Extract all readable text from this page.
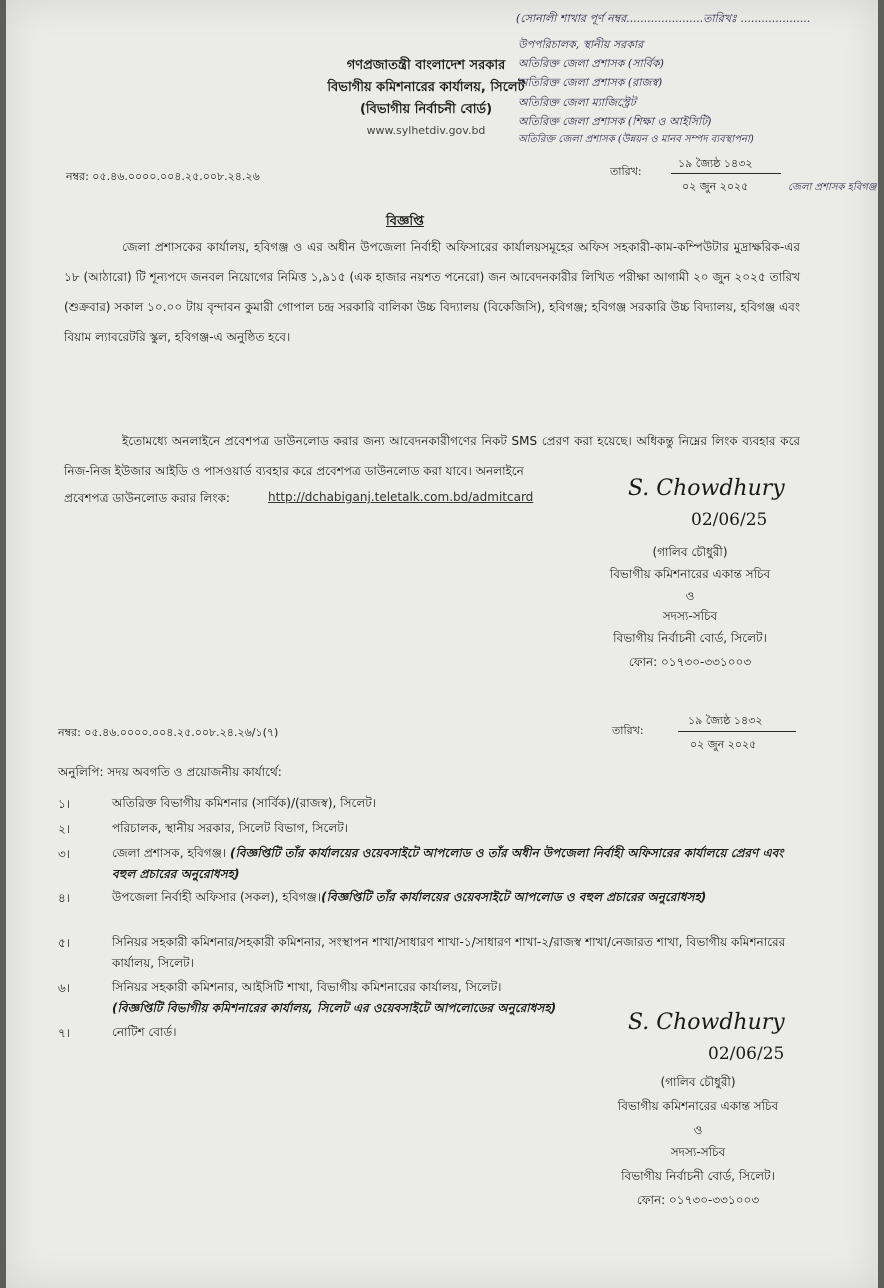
(সোনালী শাখার পূর্ণ নম্বর......................তারিখঃ ....................
উপপরিচালক, স্থানীয় সরকার
অতিরিক্ত জেলা প্রশাসক (সার্বিক)
অতিরিক্ত জেলা প্রশাসক (রাজস্ব)
অতিরিক্ত জেলা ম্যাজিস্ট্রেট
অতিরিক্ত জেলা প্রশাসক (শিক্ষা ও আইসিটি)
অতিরিক্ত জেলা প্রশাসক (উন্নয়ন ও মানব সম্পদ ব্যবস্থাপনা)
গণপ্রজাতন্ত্রী বাংলাদেশ সরকার
বিভাগীয় কমিশনারের কার্যালয়, সিলেট
(বিভাগীয় নির্বাচনী বোর্ড)
www.sylhetdiv.gov.bd
নম্বর: ০৫.৪৬.০০০০.০০৪.২৫.০০৮.২৪.২৬	তারিখ:
১৯ জ্যৈষ্ঠ ১৪৩২
০২ জুন ২০২৫	জেলা প্রশাসক হবিগঞ্জ
বিজ্ঞপ্তি
জেলা প্রশাসকের কার্যালয়, হবিগঞ্জ ও এর অধীন উপজেলা নির্বাহী অফিসারের কার্যালয়সমূহের অফিস সহকারী-কাম-কম্পিউটার মুদ্রাক্ষরিক-এর ১৮ (আঠারো) টি শূন্যপদে জনবল নিয়োগের নিমিত্ত ১,৯১৫ (এক হাজার নয়শত পনেরো) জন আবেদনকারীর লিখিত পরীক্ষা আগামী ২০ জুন ২০২৫ তারিখ (শুক্রবার) সকাল ১০.০০ টায় বৃন্দাবন কুমারী গোপাল চন্দ্র সরকারি বালিকা উচ্চ বিদ্যালয় (বিকেজিসি), হবিগঞ্জ; হবিগঞ্জ সরকারি উচ্চ বিদ্যালয়, হবিগঞ্জ এবং বিয়াম ল্যাবরেটরি স্কুল, হবিগঞ্জ-এ অনুষ্ঠিত হবে।
ইতোমধ্যে অনলাইনে প্রবেশপত্র ডাউনলোড করার জন্য আবেদনকারীগণের নিকট SMS প্রেরণ করা হয়েছে। অধিকন্তু নিম্নের লিংক ব্যবহার করে নিজ-নিজ ইউজার আইডি ও পাসওয়ার্ড ব্যবহার করে প্রবেশপত্র ডাউনলোড করা যাবে। অনলাইনে
প্রবেশপত্র ডাউনলোড করার লিংক:	http://dchabiganj.teletalk.com.bd/admitcard	S. Chowdhury
02/06/25
(গালিব চৌধুরী)
বিভাগীয় কমিশনারের একান্ত সচিব
ও
সদস্য-সচিব
বিভাগীয় নির্বাচনী বোর্ড, সিলেট।
ফোন: ০১৭৩০-৩৩১০০৩
নম্বর: ০৫.৪৬.০০০০.০০৪.২৫.০০৮.২৪.২৬/১(৭)	তারিখ:
১৯ জ্যৈষ্ঠ ১৪৩২
০২ জুন ২০২৫
অনুলিপি: সদয় অবগতি ও প্রয়োজনীয় কার্যার্থে:
১।	অতিরিক্ত বিভাগীয় কমিশনার (সার্বিক)/(রাজস্ব), সিলেট।
২।	পরিচালক, স্থানীয় সরকার, সিলেট বিভাগ, সিলেট।
৩।	জেলা প্রশাসক, হবিগঞ্জ। (বিজ্ঞপ্তিটি তাঁর কার্যালয়ের ওয়েবসাইটে আপলোড ও তাঁর অধীন উপজেলা নির্বাহী অফিসারের কার্যালয়ে প্রেরণ এবং বহুল প্রচারের অনুরোধসহ)
৪।	উপজেলা নির্বাহী অফিসার (সকল), হবিগঞ্জ।(বিজ্ঞপ্তিটি তাঁর কার্যালয়ের ওয়েবসাইটে আপলোড ও বহুল প্রচারের অনুরোধসহ)
৫।	সিনিয়র সহকারী কমিশনার/সহকারী কমিশনার, সংস্থাপন শাখা/সাধারণ শাখা-১/সাধারণ শাখা-২/রাজস্ব শাখা/নেজারত শাখা, বিভাগীয় কমিশনারের কার্যালয়, সিলেট।
৬।	সিনিয়র সহকারী কমিশনার, আইসিটি শাখা, বিভাগীয় কমিশনারের কার্যালয়, সিলেট।
(বিজ্ঞপ্তিটি বিভাগীয় কমিশনারের কার্যালয়, সিলেট এর ওয়েবসাইটে আপলোডের অনুরোধসহ)
৭।	নোটিশ বোর্ড।	S. Chowdhury
02/06/25
(গালিব চৌধুরী)
বিভাগীয় কমিশনারের একান্ত সচিব
ও
সদস্য-সচিব
বিভাগীয় নির্বাচনী বোর্ড, সিলেট।
ফোন: ০১৭৩০-৩৩১০০৩
